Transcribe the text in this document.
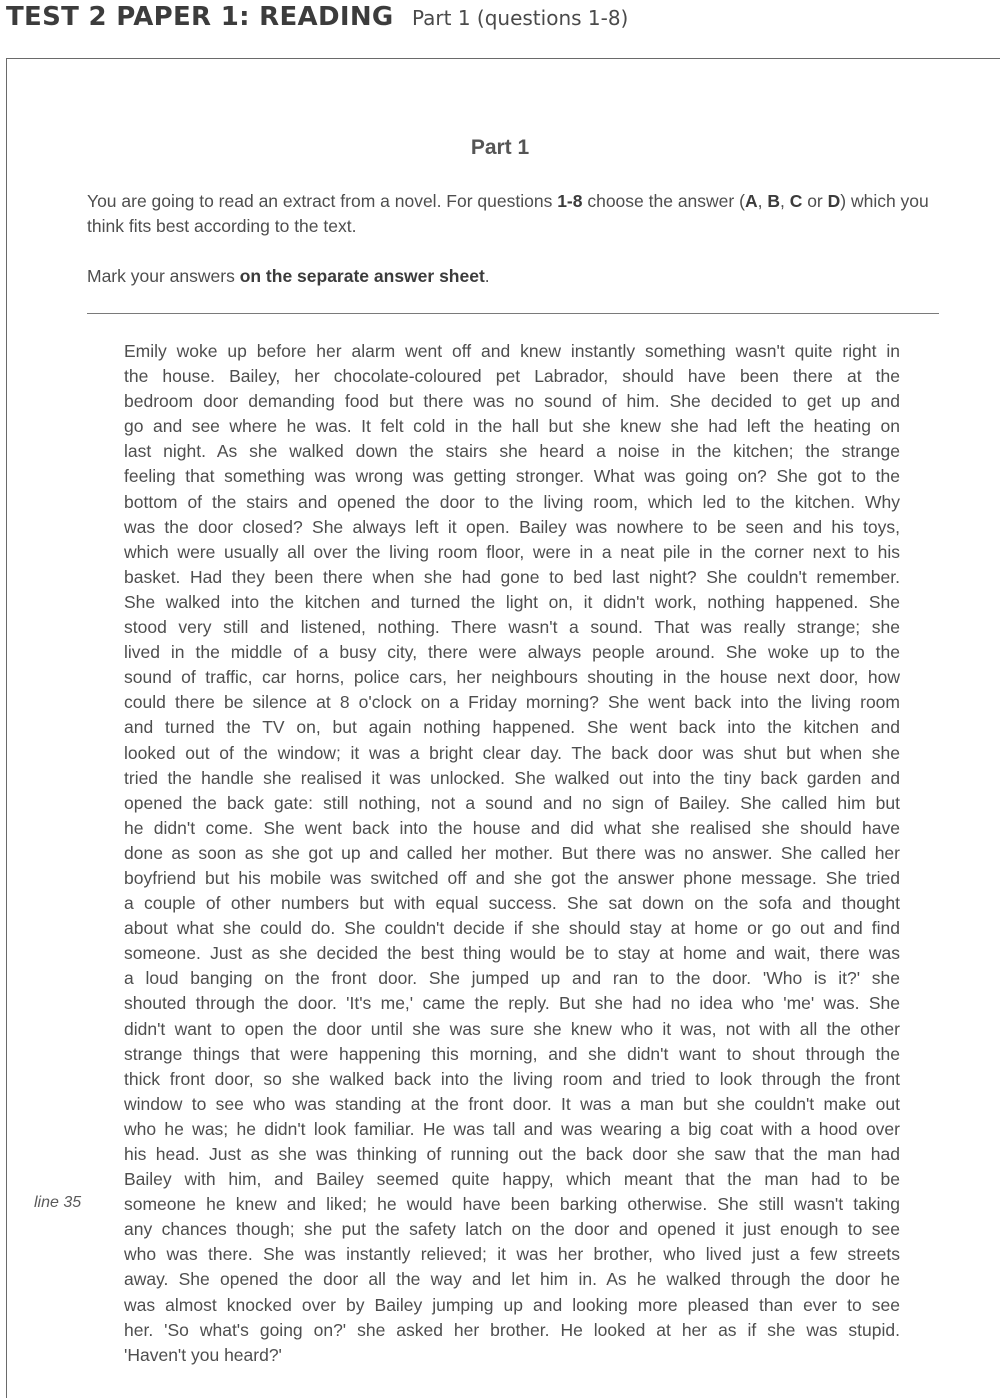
TEST 2 PAPER 1: READING Part 1 (questions 1-8)
Part 1
You are going to read an extract from a novel. For questions 1-8 choose the answer (A, B, C or D) which you think fits best according to the text.
Mark your answers on the separate answer sheet.
Emily woke up before her alarm went off and knew instantly something wasn't quite right in
the house. Bailey, her chocolate-coloured pet Labrador, should have been there at the
bedroom door demanding food but there was no sound of him. She decided to get up and
go and see where he was. It felt cold in the hall but she knew she had left the heating on
last night. As she walked down the stairs she heard a noise in the kitchen; the strange
feeling that something was wrong was getting stronger. What was going on? She got to the
bottom of the stairs and opened the door to the living room, which led to the kitchen. Why
was the door closed? She always left it open. Bailey was nowhere to be seen and his toys,
which were usually all over the living room floor, were in a neat pile in the corner next to his
basket. Had they been there when she had gone to bed last night? She couldn't remember.
She walked into the kitchen and turned the light on, it didn't work, nothing happened. She
stood very still and listened, nothing. There wasn't a sound. That was really strange; she
lived in the middle of a busy city, there were always people around. She woke up to the
sound of traffic, car horns, police cars, her neighbours shouting in the house next door, how
could there be silence at 8 o'clock on a Friday morning? She went back into the living room
and turned the TV on, but again nothing happened. She went back into the kitchen and
looked out of the window; it was a bright clear day. The back door was shut but when she
tried the handle she realised it was unlocked. She walked out into the tiny back garden and
opened the back gate: still nothing, not a sound and no sign of Bailey. She called him but
he didn't come. She went back into the house and did what she realised she should have
done as soon as she got up and called her mother. But there was no answer. She called her
boyfriend but his mobile was switched off and she got the answer phone message. She tried
a couple of other numbers but with equal success. She sat down on the sofa and thought
about what she could do. She couldn't decide if she should stay at home or go out and find
someone. Just as she decided the best thing would be to stay at home and wait, there was
a loud banging on the front door. She jumped up and ran to the door. 'Who is it?' she
shouted through the door. 'It's me,' came the reply. But she had no idea who 'me' was. She
didn't want to open the door until she was sure she knew who it was, not with all the other
strange things that were happening this morning, and she didn't want to shout through the
thick front door, so she walked back into the living room and tried to look through the front
window to see who was standing at the front door. It was a man but she couldn't make out
who he was; he didn't look familiar. He was tall and was wearing a big coat with a hood over
his head. Just as she was thinking of running out the back door she saw that the man had
Bailey with him, and Bailey seemed quite happy, which meant that the man had to be
someone he knew and liked; he would have been barking otherwise. She still wasn't taking
any chances though; she put the safety latch on the door and opened it just enough to see
who was there. She was instantly relieved; it was her brother, who lived just a few streets
away. She opened the door all the way and let him in. As he walked through the door he
was almost knocked over by Bailey jumping up and looking more pleased than ever to see
her. 'So what's going on?' she asked her brother. He looked at her as if she was stupid.
'Haven't you heard?'
line 35
